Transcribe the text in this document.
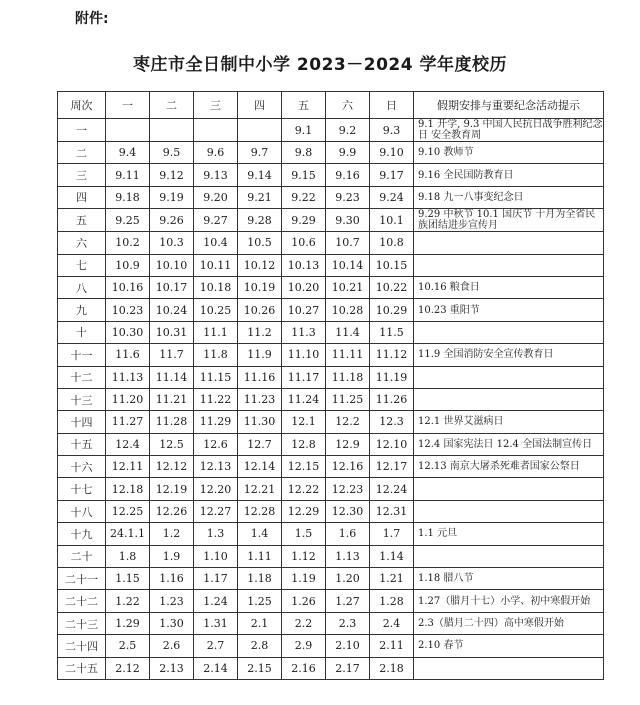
附件:
枣庄市全日制中小学 2023－2024 学年度校历
周次	一	二	三	四	五	六	日	假期安排与重要纪念活动提示
一					9.1	9.2	9.3	9.1 开学, 9.3 中国人民抗日战争胜利纪念日 安全教育周
二	9.4	9.5	9.6	9.7	9.8	9.9	9.10	9.10 教师节
三	9.11	9.12	9.13	9.14	9.15	9.16	9.17	9.16 全民国防教育日
四	9.18	9.19	9.20	9.21	9.22	9.23	9.24	9.18 九一八事变纪念日
五	9.25	9.26	9.27	9.28	9.29	9.30	10.1	9.29 中秋节 10.1 国庆节 十月为全省民族团结进步宣传月
六	10.2	10.3	10.4	10.5	10.6	10.7	10.8	
七	10.9	10.10	10.11	10.12	10.13	10.14	10.15	
八	10.16	10.17	10.18	10.19	10.20	10.21	10.22	10.16 粮食日
九	10.23	10.24	10.25	10.26	10.27	10.28	10.29	10.23 重阳节
十	10.30	10.31	11.1	11.2	11.3	11.4	11.5	
十一	11.6	11.7	11.8	11.9	11.10	11.11	11.12	11.9 全国消防安全宣传教育日
十二	11.13	11.14	11.15	11.16	11.17	11.18	11.19	
十三	11.20	11.21	11.22	11.23	11.24	11.25	11.26	
十四	11.27	11.28	11.29	11.30	12.1	12.2	12.3	12.1 世界艾滋病日
十五	12.4	12.5	12.6	12.7	12.8	12.9	12.10	12.4 国家宪法日 12.4 全国法制宣传日
十六	12.11	12.12	12.13	12.14	12.15	12.16	12.17	12.13 南京大屠杀死难者国家公祭日
十七	12.18	12.19	12.20	12.21	12.22	12.23	12.24	
十八	12.25	12.26	12.27	12.28	12.29	12.30	12.31	
十九	24.1.1	1.2	1.3	1.4	1.5	1.6	1.7	1.1 元旦
二十	1.8	1.9	1.10	1.11	1.12	1.13	1.14	
二十一	1.15	1.16	1.17	1.18	1.19	1.20	1.21	1.18 腊八节
二十二	1.22	1.23	1.24	1.25	1.26	1.27	1.28	1.27（腊月十七）小学、初中寒假开始
二十三	1.29	1.30	1.31	2.1	2.2	2.3	2.4	2.3（腊月二十四）高中寒假开始
二十四	2.5	2.6	2.7	2.8	2.9	2.10	2.11	2.10 春节
二十五	2.12	2.13	2.14	2.15	2.16	2.17	2.18	
